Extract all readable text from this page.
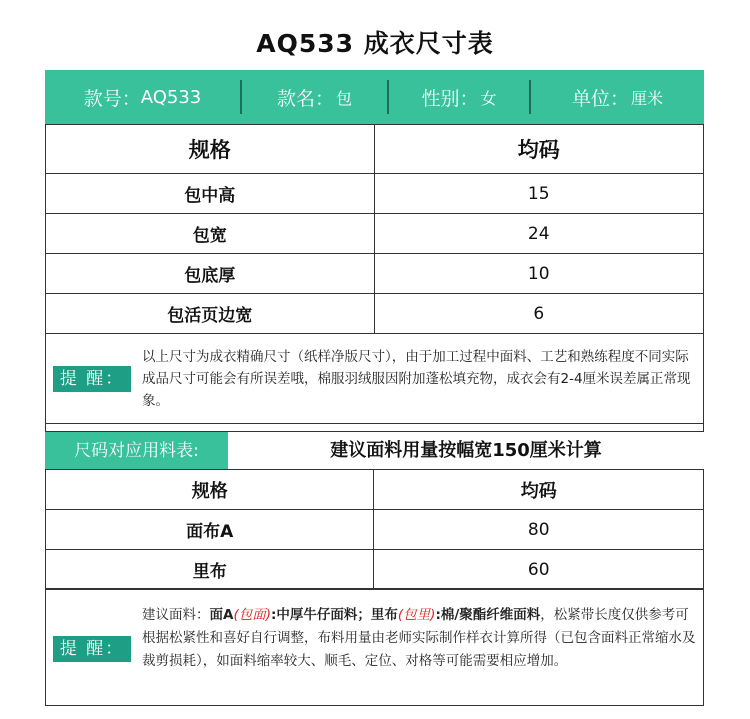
AQ533 成衣尺寸表
款号： AQ533	款名： 包	性别： 女	单位： 厘米
规格	均码
包中高	15
包宽	24
包底厚	10
包活页边宽	6
提 醒：
以上尺寸为成衣精确尺寸（纸样净版尺寸），由于加工过程中面料、工艺和熟练程度不同实际成品尺寸可能会有所误差哦，棉服羽绒服因附加蓬松填充物，成衣会有2-4厘米误差属正常现象。
尺码对应用料表:	建议面料用量按幅宽150厘米计算
规格	均码
面布A	80
里布	60
提 醒：
建议面料：面A(包面):中厚牛仔面料；里布(包里):棉/聚酯纤维面料，松紧带长度仅供参考可根据松紧性和喜好自行调整，布料用量由老师实际制作样衣计算所得（已包含面料正常缩水及裁剪损耗），如面料缩率较大、顺毛、定位、对格等可能需要相应增加。
